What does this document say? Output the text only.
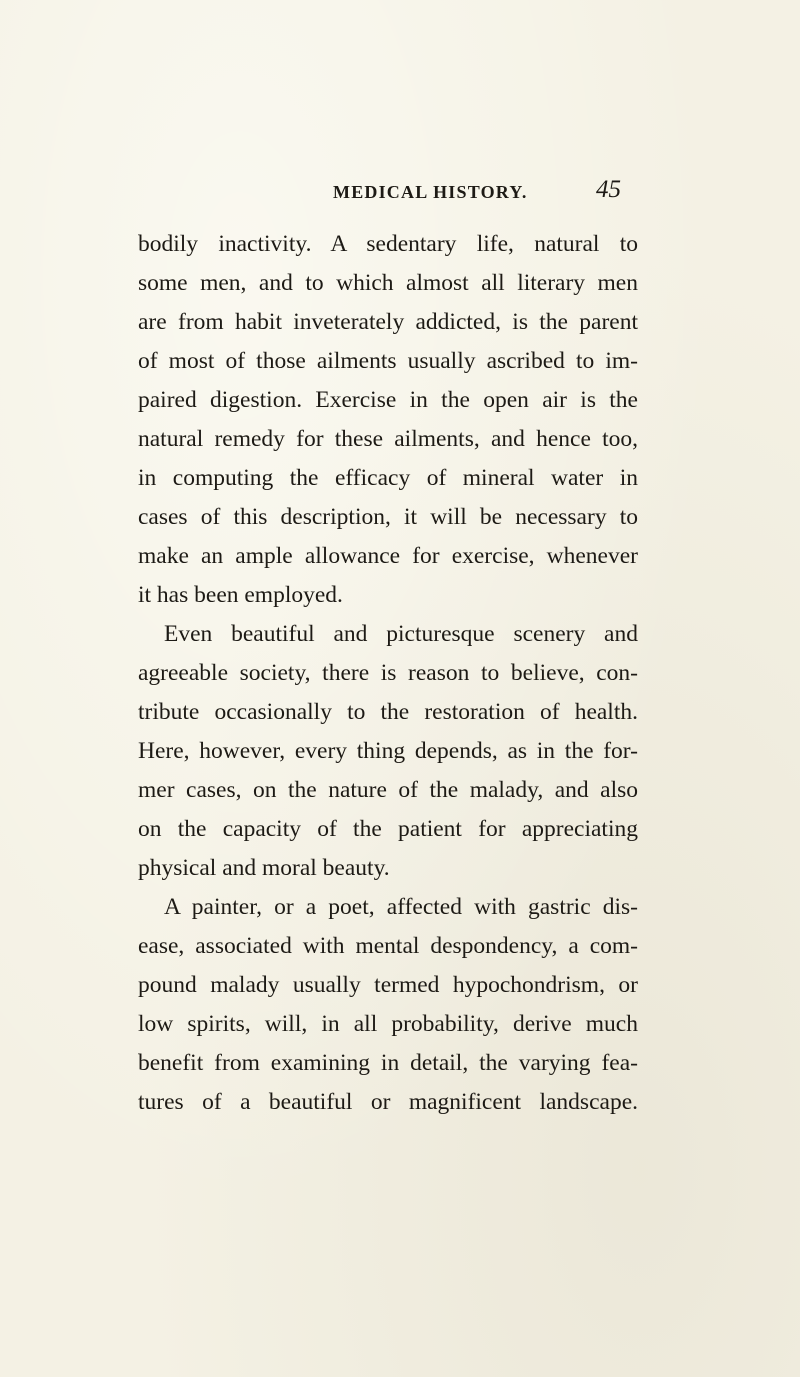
MEDICAL HISTORY.	45
bodily inactivity. A sedentary life, natural to
some men, and to which almost all literary men
are from habit inveterately addicted, is the parent
of most of those ailments usually ascribed to im-
paired digestion. Exercise in the open air is the
natural remedy for these ailments, and hence too,
in computing the efficacy of mineral water in
cases of this description, it will be necessary to
make an ample allowance for exercise, whenever
it has been employed.
Even beautiful and picturesque scenery and
agreeable society, there is reason to believe, con-
tribute occasionally to the restoration of health.
Here, however, every thing depends, as in the for-
mer cases, on the nature of the malady, and also
on the capacity of the patient for appreciating
physical and moral beauty.
A painter, or a poet, affected with gastric dis-
ease, associated with mental despondency, a com-
pound malady usually termed hypochondrism, or
low spirits, will, in all probability, derive much
benefit from examining in detail, the varying fea-
tures of a beautiful or magnificent landscape.
